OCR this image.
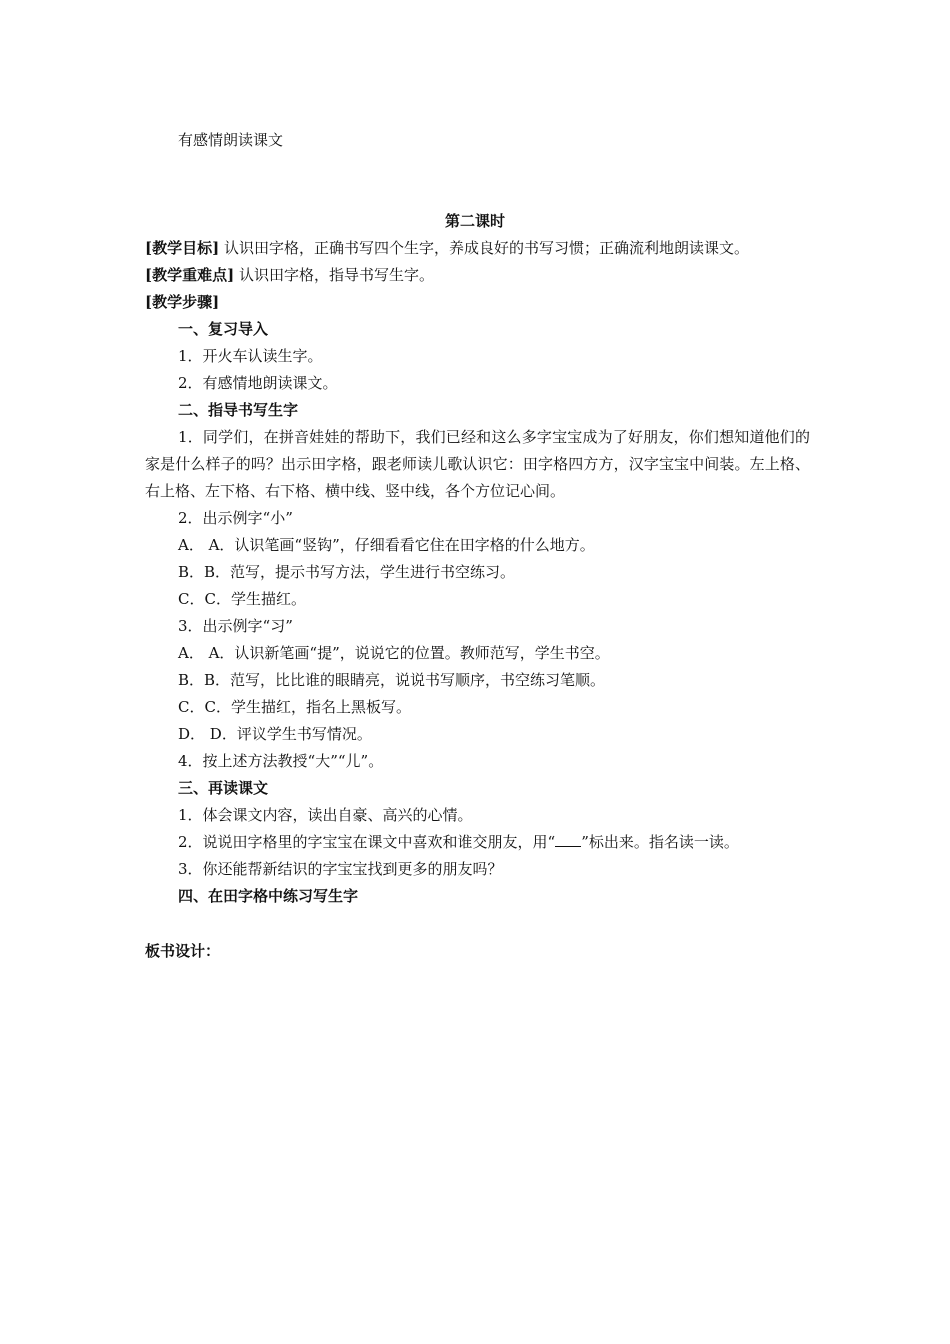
有感情朗读课文
第二课时
[教学目标] 认识田字格，正确书写四个生字，养成良好的书写习惯；正确流利地朗读课文。
[教学重难点] 认识田字格，指导书写生字。
[教学步骤]
一、复习导入
1．开火车认读生字。
2．有感情地朗读课文。
二、指导书写生字
1．同学们，在拼音娃娃的帮助下，我们已经和这么多字宝宝成为了好朋友，你们想知道他们的家是什么样子的吗？出示田字格，跟老师读儿歌认识它：田字格四方方，汉字宝宝中间装。左上格、右上格、左下格、右下格、横中线、竖中线，各个方位记心间。
2．出示例字“小”
A． A．认识笔画“竖钩”，仔细看看它住在田字格的什么地方。
B．B．范写，提示书写方法，学生进行书空练习。
C．C．学生描红。
3．出示例字“习”
A． A．认识新笔画“提”，说说它的位置。教师范写，学生书空。
B．B．范写，比比谁的眼睛亮，说说书写顺序，书空练习笔顺。
C．C．学生描红，指名上黑板写。
D． D．评议学生书写情况。
4．按上述方法教授“大”“儿”。
三、再读课文
1．体会课文内容，读出自豪、高兴的心情。
2．说说田字格里的字宝宝在课文中喜欢和谁交朋友，用“ ”标出来。指名读一读。
3．你还能帮新结识的字宝宝找到更多的朋友吗？
四、在田字格中练习写生字
板书设计：
